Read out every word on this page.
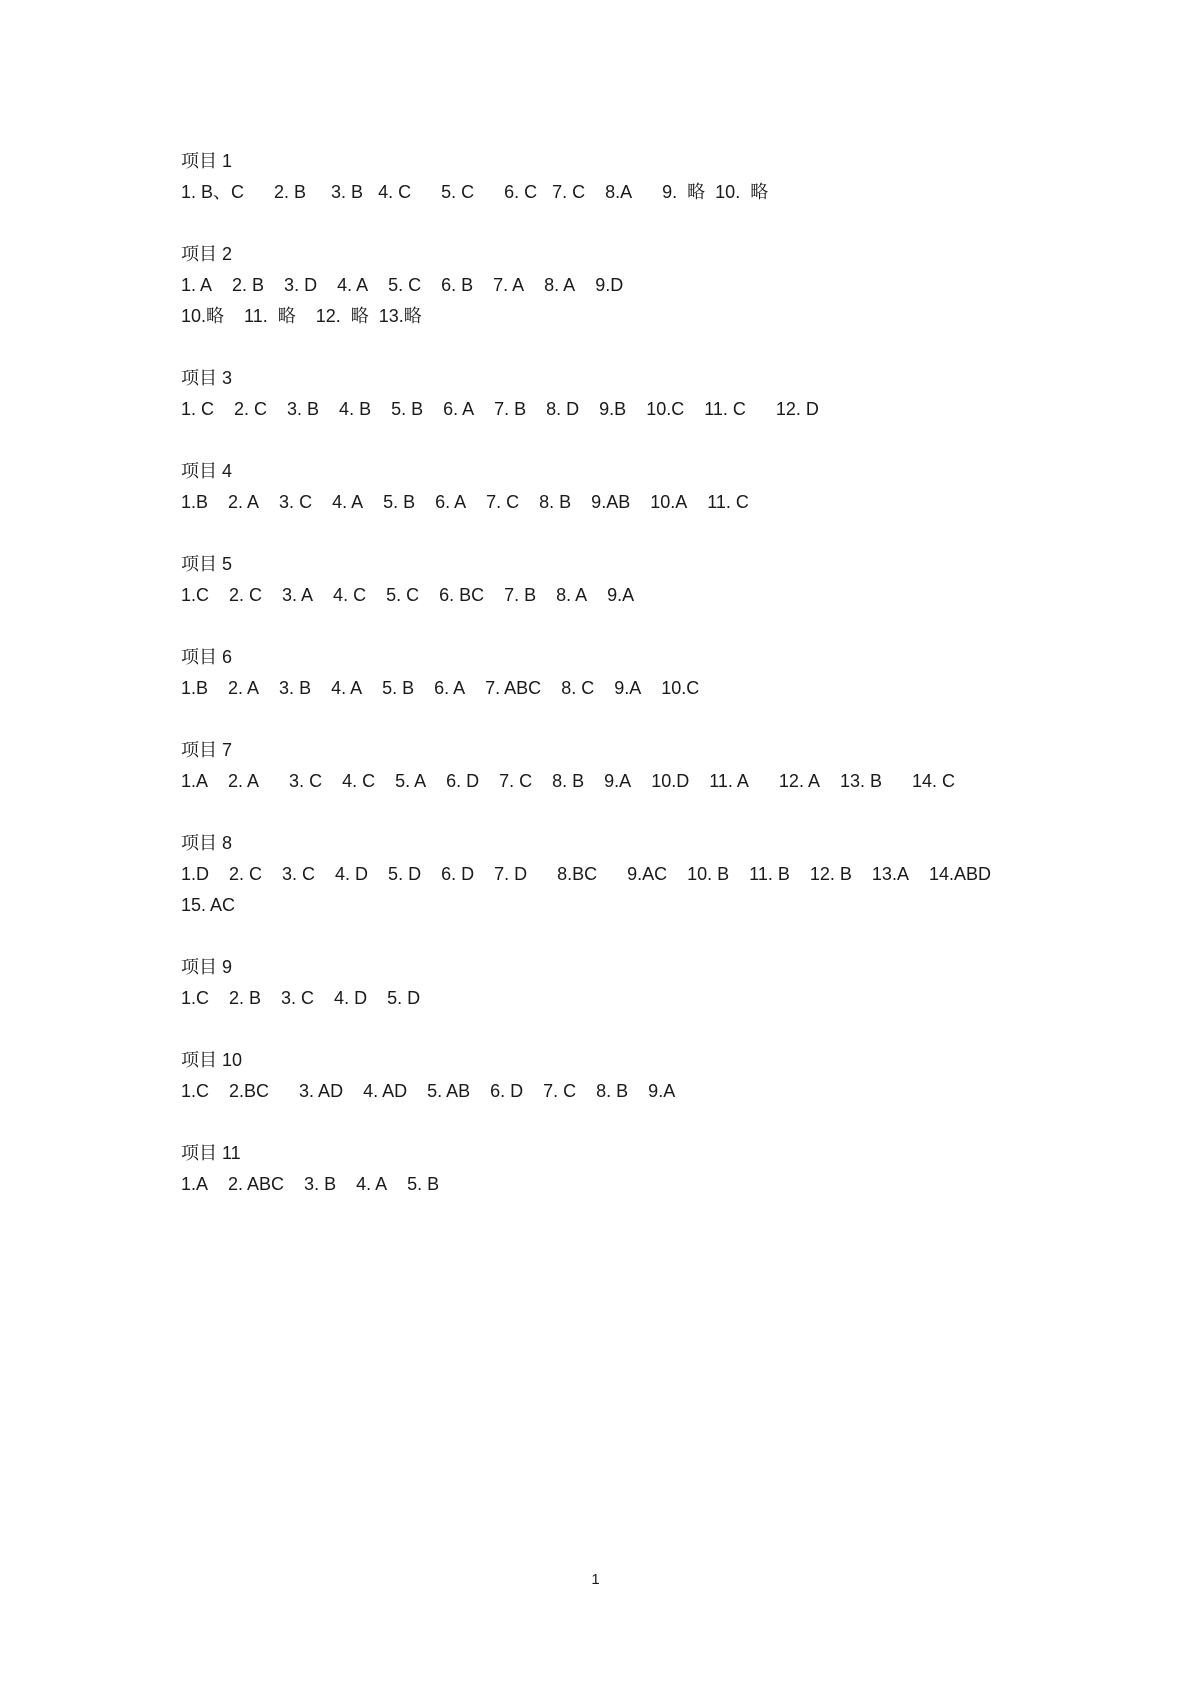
项目 1
1. B、C      2. B     3. B   4. C      5. C      6. C   7. C    8.A      9.  略  10.  略
项目 2
1. A    2. B    3. D    4. A    5. C    6. B    7. A    8. A    9.D
10.略    11.  略    12.  略  13.略
项目 3
1. C    2. C    3. B    4. B    5. B    6. A    7. B    8. D    9.B    10.C    11. C      12. D
项目 4
1.B    2. A    3. C    4. A    5. B    6. A    7. C    8. B    9.AB    10.A    11. C
项目 5
1.C    2. C    3. A    4. C    5. C    6. BC    7. B    8. A    9.A
项目 6
1.B    2. A    3. B    4. A    5. B    6. A    7. ABC    8. C    9.A    10.C
项目 7
1.A    2. A      3. C    4. C    5. A    6. D    7. C    8. B    9.A    10.D    11. A      12. A    13. B      14. C
项目 8
1.D    2. C    3. C    4. D    5. D    6. D    7. D      8.BC      9.AC    10. B    11. B    12. B    13.A    14.ABD
15. AC
项目 9
1.C    2. B    3. C    4. D    5. D
项目 10
1.C    2.BC      3. AD    4. AD    5. AB    6. D    7. C    8. B    9.A
项目 11
1.A    2. ABC    3. B    4. A    5. B
1
